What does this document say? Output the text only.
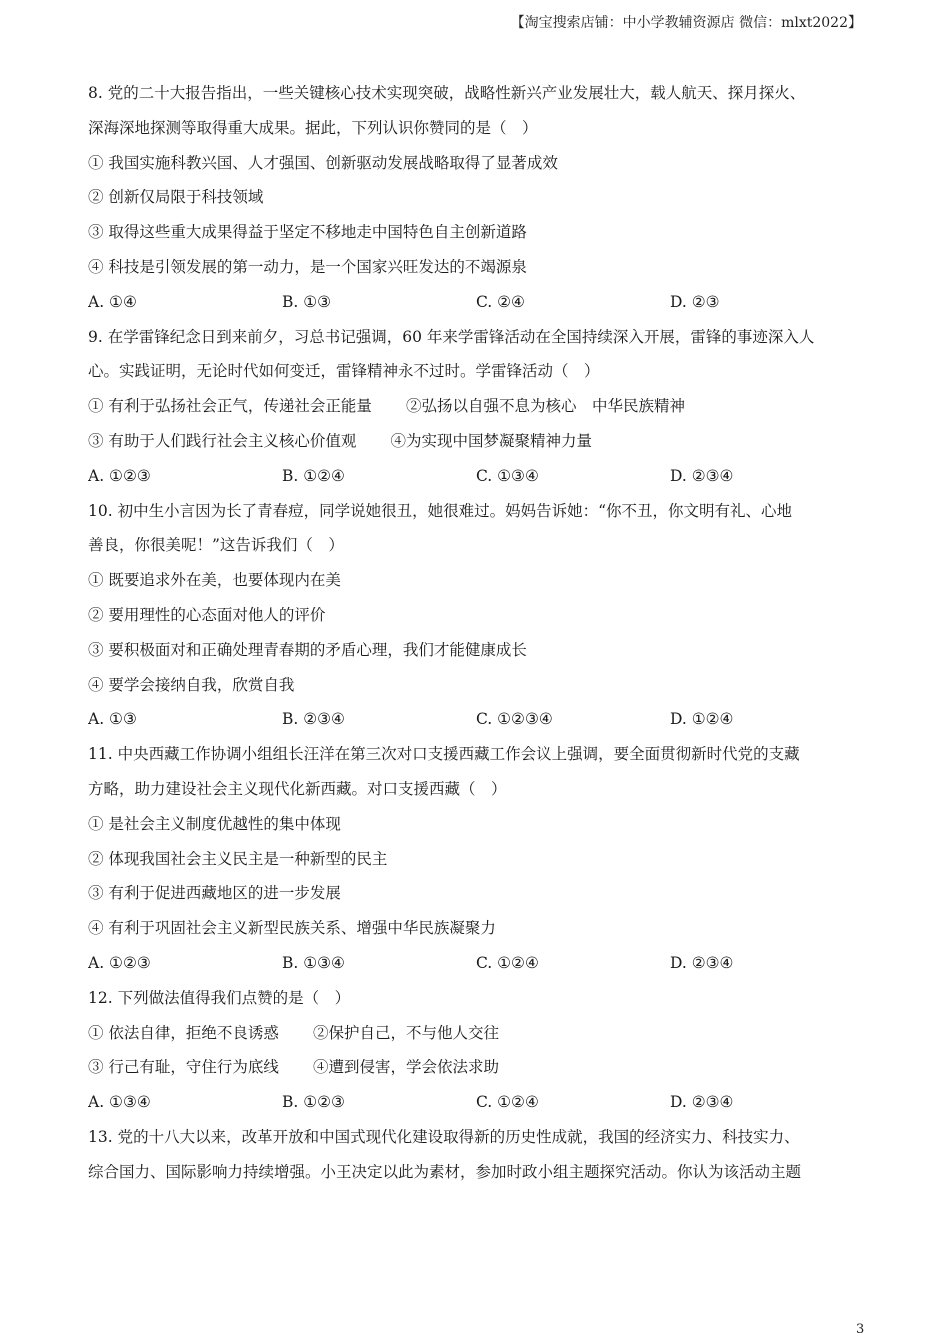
【淘宝搜索店铺：中小学教辅资源店 微信：mlxt2022】
8. 党的二十大报告指出，一些关键核心技术实现突破，战略性新兴产业发展壮大，载人航天、探月探火、
深海深地探测等取得重大成果。据此，下列认识你赞同的是（　）
① 我国实施科教兴国、人才强国、创新驱动发展战略取得了显著成效
② 创新仅局限于科技领域
③ 取得这些重大成果得益于坚定不移地走中国特色自主创新道路
④ 科技是引领发展的第一动力，是一个国家兴旺发达的不竭源泉
A. ①④	B. ①③	C. ②④	D. ②③
9. 在学雷锋纪念日到来前夕，习总书记强调，60 年来学雷锋活动在全国持续深入开展，雷锋的事迹深入人
心。实践证明，无论时代如何变迁，雷锋精神永不过时。学雷锋活动（　）
① 有利于弘扬社会正气，传递社会正能量 ②弘扬以自强不息为核心　中华民族精神
③ 有助于人们践行社会主义核心价值观 ④为实现中国梦凝聚精神力量
A. ①②③	B. ①②④	C. ①③④	D. ②③④
10. 初中生小言因为长了青春痘，同学说她很丑，她很难过。妈妈告诉她：“你不丑，你文明有礼、心地
善良，你很美呢！”这告诉我们（　）
① 既要追求外在美，也要体现内在美
② 要用理性的心态面对他人的评价
③ 要积极面对和正确处理青春期的矛盾心理，我们才能健康成长
④ 要学会接纳自我，欣赏自我
A. ①③	B. ②③④	C. ①②③④	D. ①②④
11. 中央西藏工作协调小组组长汪洋在第三次对口支援西藏工作会议上强调，要全面贯彻新时代党的支藏
方略，助力建设社会主义现代化新西藏。对口支援西藏（　）
① 是社会主义制度优越性的集中体现
② 体现我国社会主义民主是一种新型的民主
③ 有利于促进西藏地区的进一步发展
④ 有利于巩固社会主义新型民族关系、增强中华民族凝聚力
A. ①②③	B. ①③④	C. ①②④	D. ②③④
12. 下列做法值得我们点赞的是（　）
① 依法自律，拒绝不良诱惑 ②保护自己，不与他人交往
③ 行己有耻，守住行为底线 ④遭到侵害，学会依法求助
A. ①③④	B. ①②③	C. ①②④	D. ②③④
13. 党的十八大以来，改革开放和中国式现代化建设取得新的历史性成就，我国的经济实力、科技实力、
综合国力、国际影响力持续增强。小王决定以此为素材，参加时政小组主题探究活动。你认为该活动主题
3
